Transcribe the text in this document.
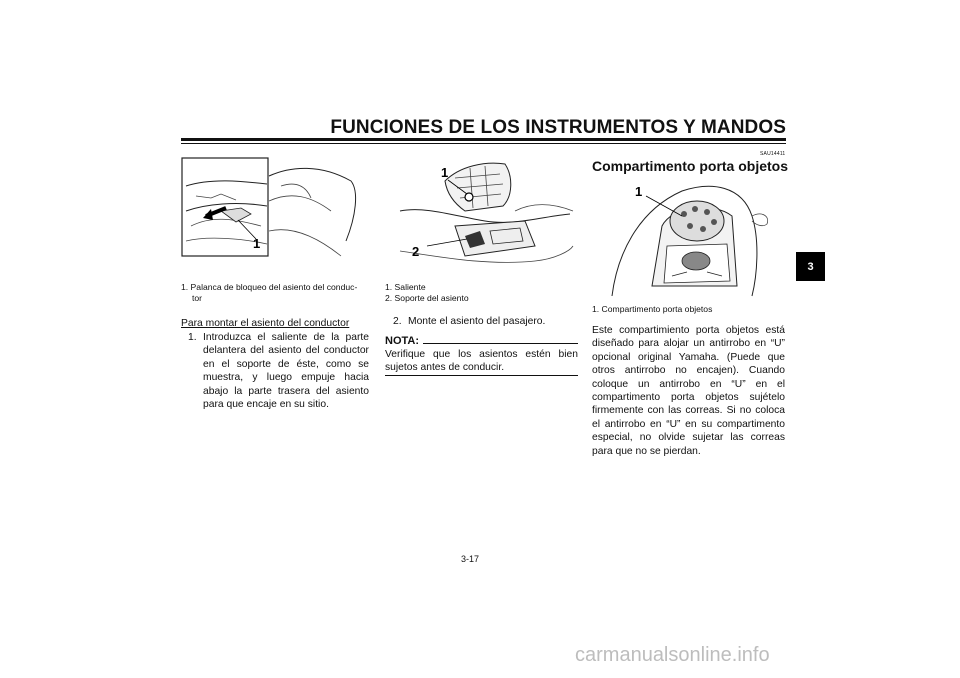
FUNCIONES DE LOS INSTRUMENTOS Y MANDOS
3
1
1. Palanca de bloqueo del asiento del conduc-
tor
Para montar el asiento del conductor
1. Introduzca el saliente de la parte delantera del asiento del conductor en el soporte de éste, como se muestra, y luego empuje hacia abajo la parte trasera del asiento para que encaje en su sitio.
1
2
1. Saliente
2. Soporte del asiento
2. Monte el asiento del pasajero.
NOTA:
Verifique que los asientos estén bien sujetos antes de conducir.
SAU14411
Compartimento porta objetos
1
1. Compartimento porta objetos
Este compartimiento porta objetos está diseñado para alojar un antirrobo en “U” opcional original Yamaha. (Puede que otros antirrobo no encajen). Cuando coloque un antirrobo en “U” en el compartimento porta objetos sujételo firmemente con las correas. Si no coloca el antirrobo en “U” en su compartimento especial, no olvide sujetar las correas para que no se pierdan.
3-17
carmanualsonline.info
